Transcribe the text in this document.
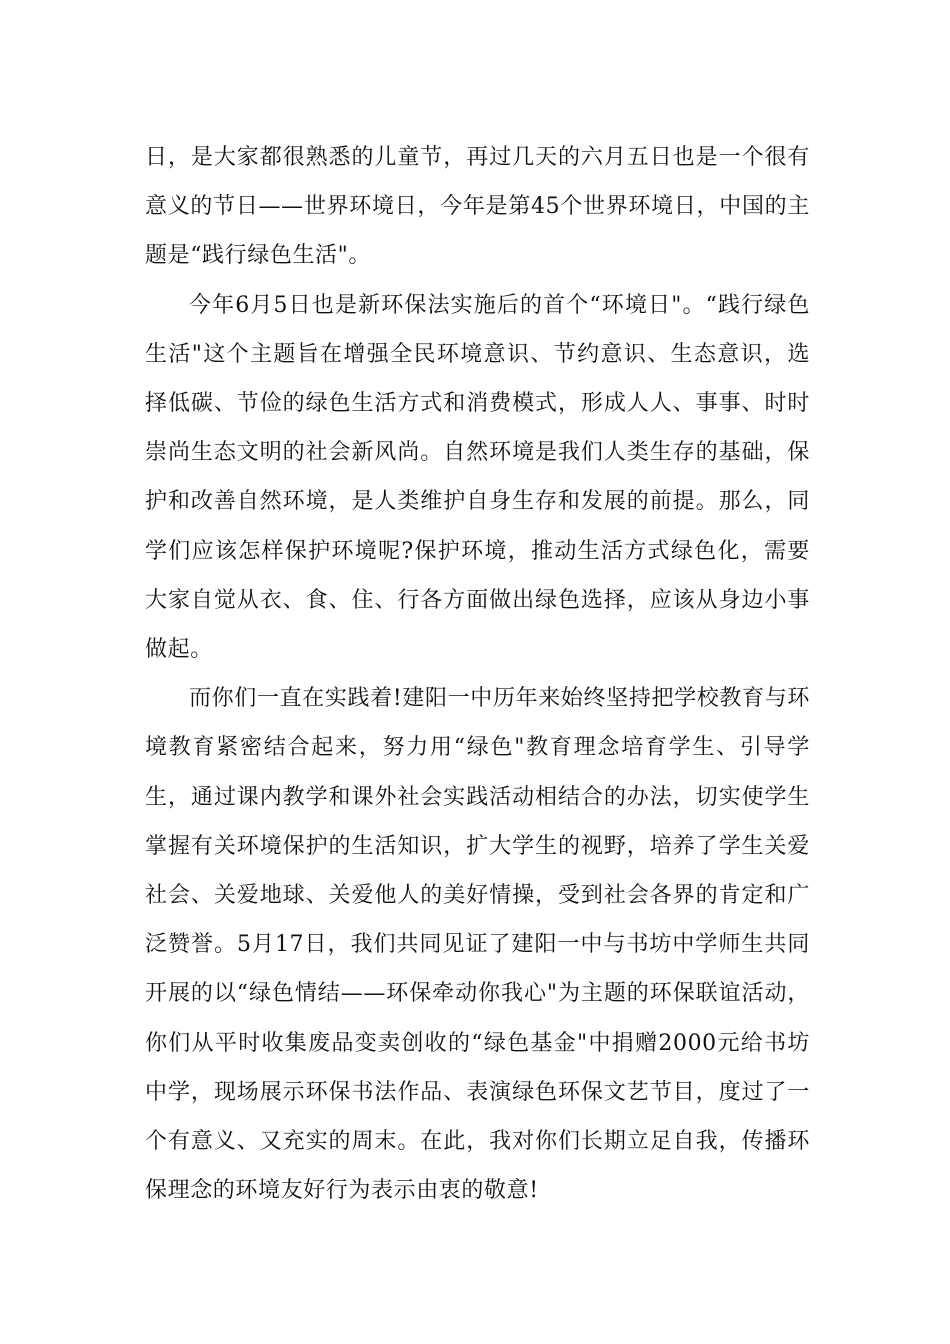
日，是大家都很熟悉的儿童节，再过几天的六月五日也是一个很有意义的节日——世界环境日，今年是第45个世界环境日，中国的主题是“践行绿色生活"。

今年6月5日也是新环保法实施后的首个“环境日"。“践行绿色生活"这个主题旨在增强全民环境意识、节约意识、生态意识，选择低碳、节俭的绿色生活方式和消费模式，形成人人、事事、时时崇尚生态文明的社会新风尚。自然环境是我们人类生存的基础，保护和改善自然环境，是人类维护自身生存和发展的前提。那么，同学们应该怎样保护环境呢?保护环境，推动生活方式绿色化，需要大家自觉从衣、食、住、行各方面做出绿色选择，应该从身边小事做起。

而你们一直在实践着!建阳一中历年来始终坚持把学校教育与环境教育紧密结合起来，努力用“绿色"教育理念培育学生、引导学生，通过课内教学和课外社会实践活动相结合的办法，切实使学生掌握有关环境保护的生活知识，扩大学生的视野，培养了学生关爱社会、关爱地球、关爱他人的美好情操，受到社会各界的肯定和广泛赞誉。5月17日，我们共同见证了建阳一中与书坊中学师生共同开展的以“绿色情结——环保牵动你我心"为主题的环保联谊活动，你们从平时收集废品变卖创收的“绿色基金"中捐赠2000元给书坊中学，现场展示环保书法作品、表演绿色环保文艺节目，度过了一个有意义、又充实的周末。在此，我对你们长期立足自我，传播环保理念的环境友好行为表示由衷的敬意!
